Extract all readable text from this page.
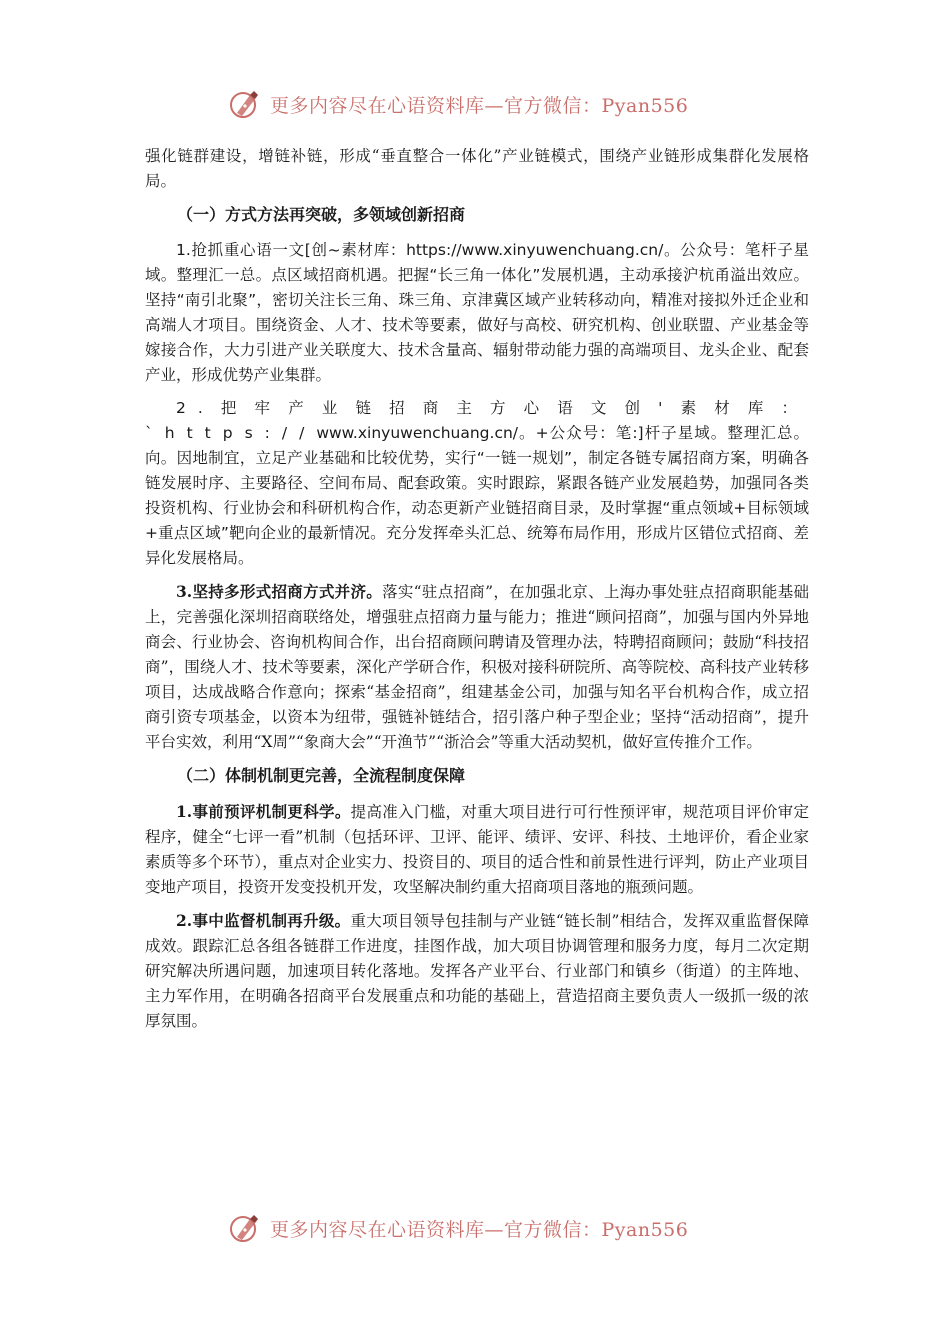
更多内容尽在心语资料库—官方微信：Pyan556

强化链群建设，增链补链，形成“垂直整合一体化”产业链模式，围绕产业链形成集群化发展格局。

（一）方式方法再突破，多领域创新招商

1.抢抓重心语一文[创~素材库：https://www.xinyuwenchuang.cn/。公众号：笔杆子星域。整理汇一总。点区域招商机遇。把握“长三角一体化”发展机遇，主动承接沪杭甬溢出效应。坚持“南引北聚”，密切关注长三角、珠三角、京津冀区域产业转移动向，精准对接拟外迁企业和高端人才项目。围绕资金、人才、技术等要素，做好与高校、研究机构、创业联盟、产业基金等嫁接合作，大力引进产业关联度大、技术含量高、辐射带动能力强的高端项目、龙头企业、配套产业，形成优势产业集群。

2.把牢产业链招商主方心语文创'素材库：`https://www.xinyuwenchuang.cn/。+公众号：笔:]杆子星域。整理汇总。向。因地制宜，立足产业基础和比较优势，实行“一链一规划”，制定各链专属招商方案，明确各链发展时序、主要路径、空间布局、配套政策。实时跟踪，紧跟各链产业发展趋势，加强同各类投资机构、行业协会和科研机构合作，动态更新产业链招商目录，及时掌握“重点领域+目标领域+重点区域”靶向企业的最新情况。充分发挥牵头汇总、统筹布局作用，形成片区错位式招商、差异化发展格局。

3.坚持多形式招商方式并济。落实“驻点招商”，在加强北京、上海办事处驻点招商职能基础上，完善强化深圳招商联络处，增强驻点招商力量与能力；推进“顾问招商”，加强与国内外异地商会、行业协会、咨询机构间合作，出台招商顾问聘请及管理办法，特聘招商顾问；鼓励“科技招商”，围绕人才、技术等要素，深化产学研合作，积极对接科研院所、高等院校、高科技产业转移项目，达成战略合作意向；探索“基金招商”，组建基金公司，加强与知名平台机构合作，成立招商引资专项基金，以资本为纽带，强链补链结合，招引落户种子型企业；坚持“活动招商”，提升平台实效，利用“X周”“象商大会”“开渔节”“浙洽会”等重大活动契机，做好宣传推介工作。

（二）体制机制更完善，全流程制度保障

1.事前预评机制更科学。提高准入门槛，对重大项目进行可行性预评审，规范项目评价审定程序，健全“七评一看”机制（包括环评、卫评、能评、绩评、安评、科技、土地评价，看企业家素质等多个环节），重点对企业实力、投资目的、项目的适合性和前景性进行评判，防止产业项目变地产项目，投资开发变投机开发，攻坚解决制约重大招商项目落地的瓶颈问题。

2.事中监督机制再升级。重大项目领导包挂制与产业链“链长制”相结合，发挥双重监督保障成效。跟踪汇总各组各链群工作进度，挂图作战，加大项目协调管理和服务力度，每月二次定期研究解决所遇问题，加速项目转化落地。发挥各产业平台、行业部门和镇乡（街道）的主阵地、主力军作用，在明确各招商平台发展重点和功能的基础上，营造招商主要负责人一级抓一级的浓厚氛围。

更多内容尽在心语资料库—官方微信：Pyan556
